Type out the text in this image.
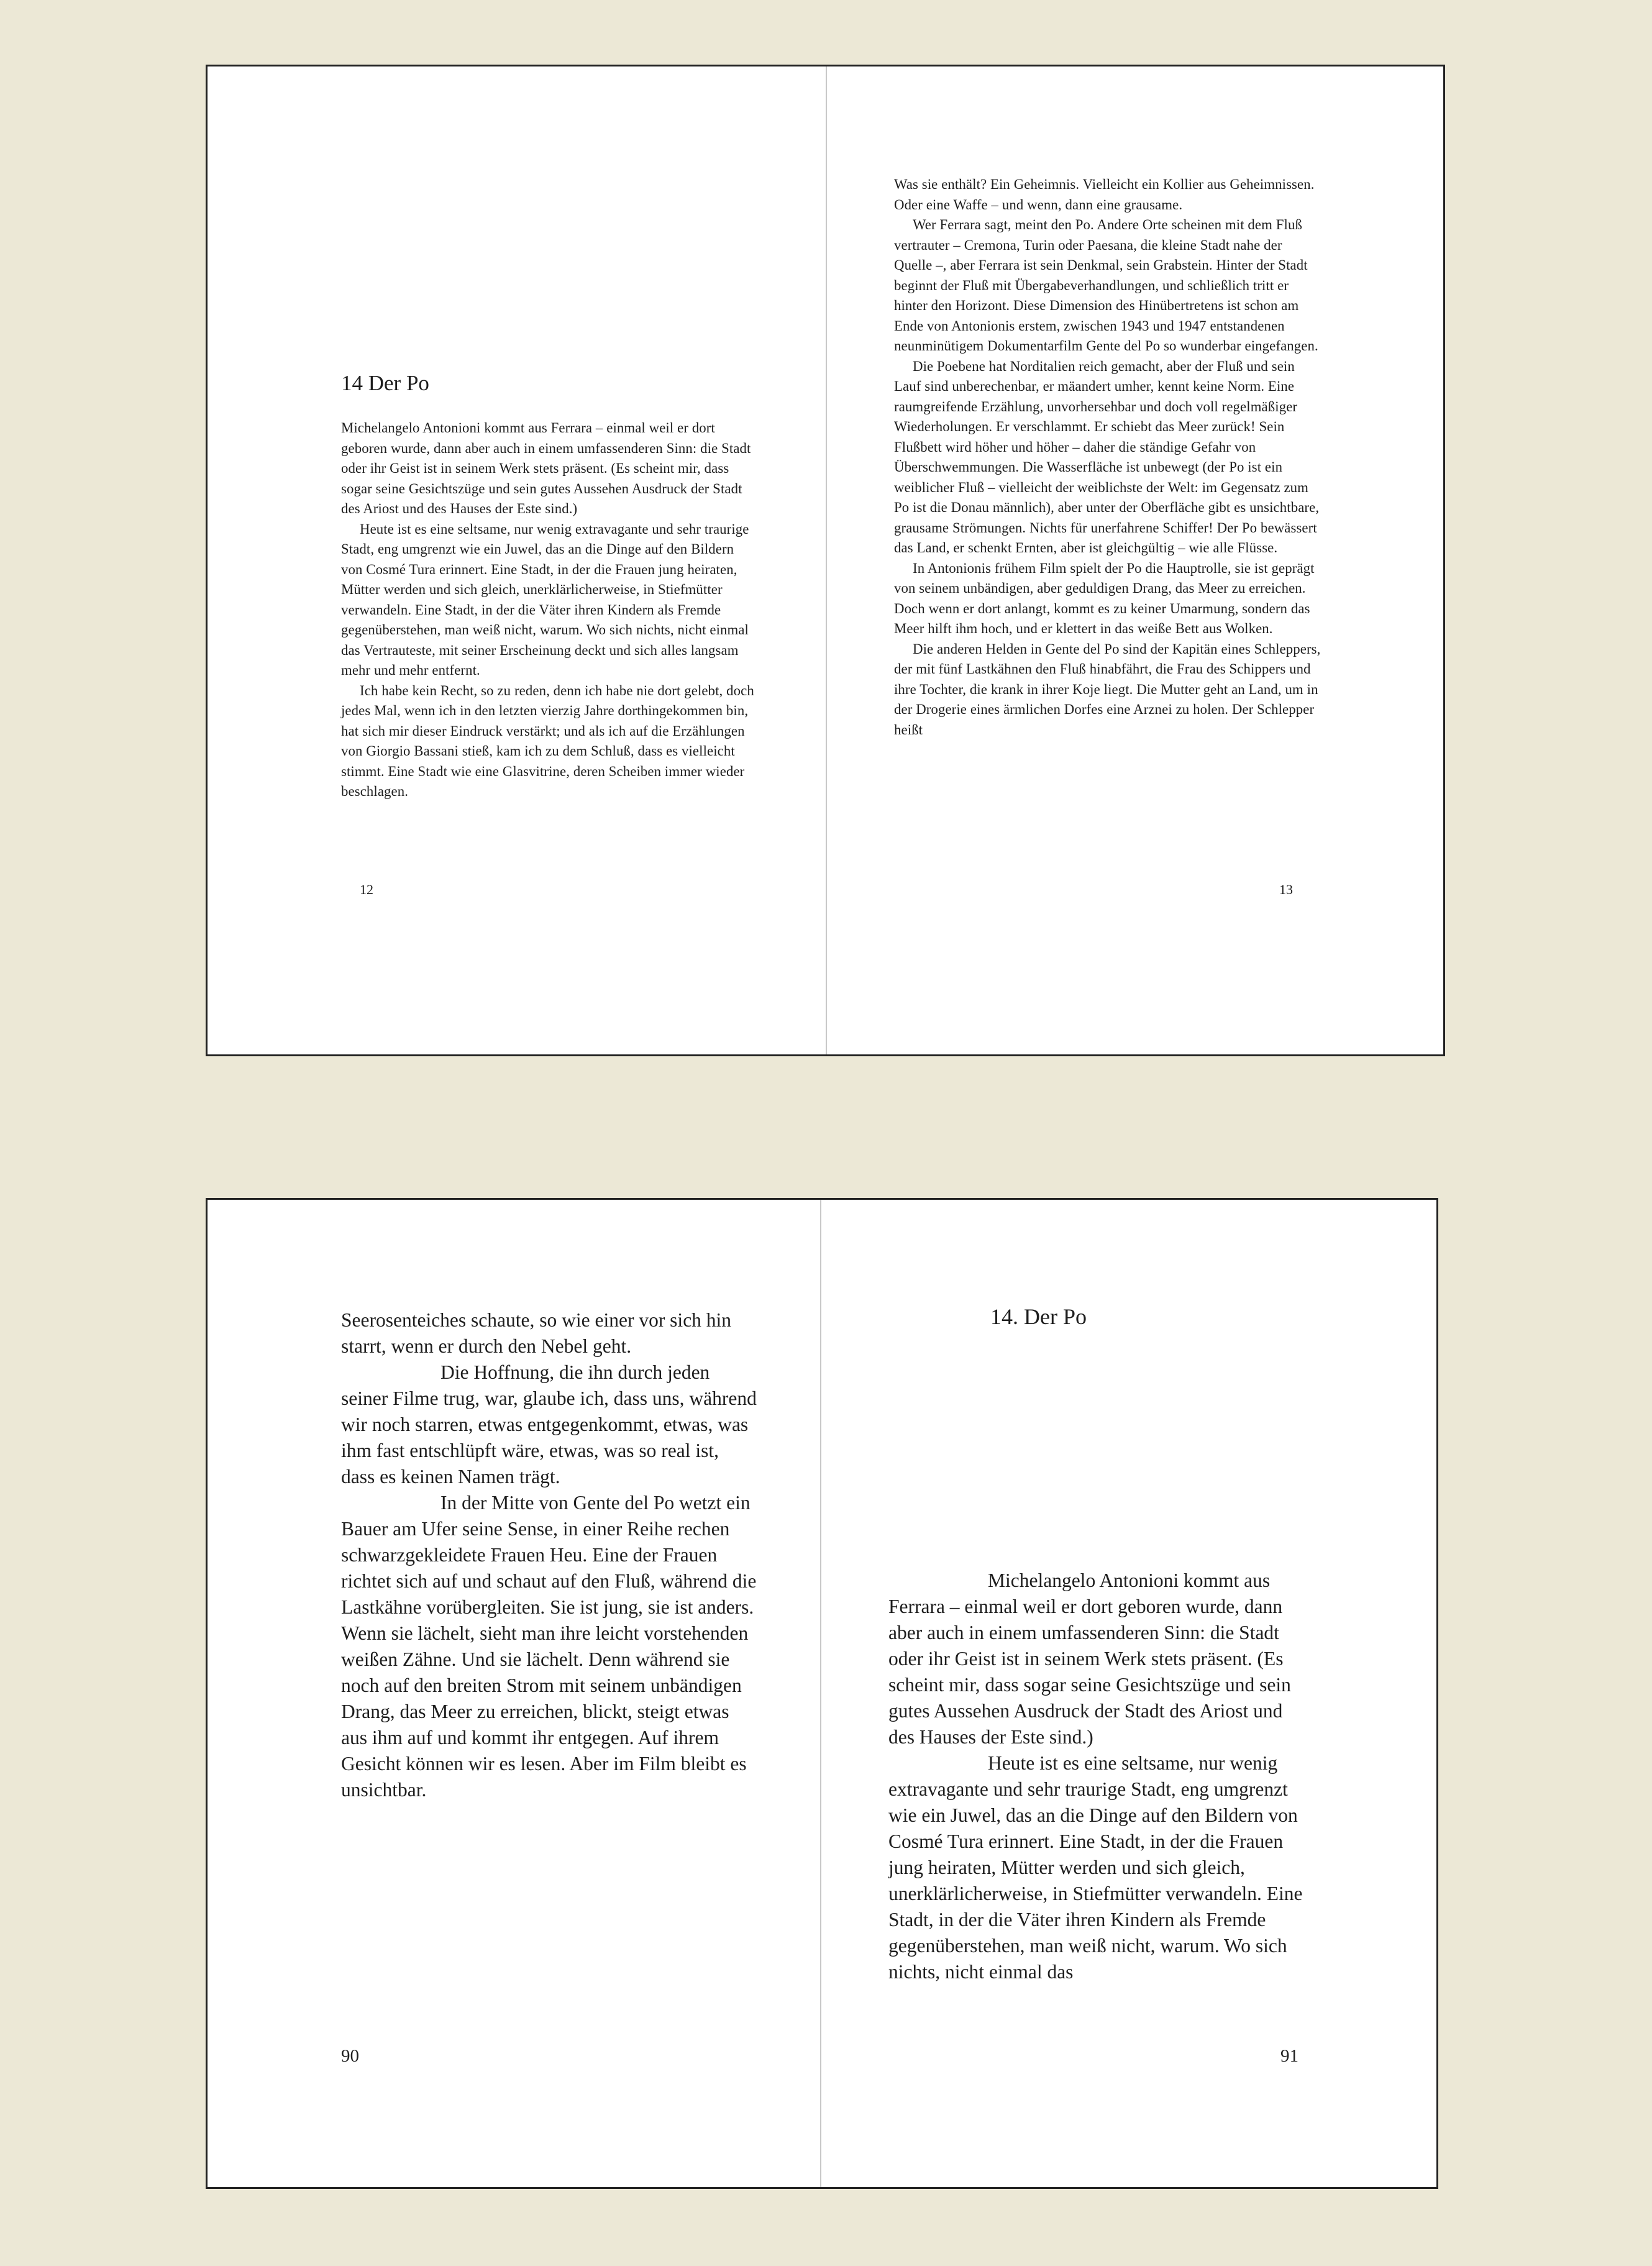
14 Der Po

Michelangelo Antonioni kommt aus Ferrara – einmal weil er dort geboren wurde, dann aber auch in einem umfassenderen Sinn: die Stadt oder ihr Geist ist in seinem Werk stets präsent. (Es scheint mir, dass sogar seine Gesichtszüge und sein gutes Aussehen Ausdruck der Stadt des Ariost und des Hauses der Este sind.)

Heute ist es eine seltsame, nur wenig extravagante und sehr traurige Stadt, eng umgrenzt wie ein Juwel, das an die Dinge auf den Bildern von Cosmé Tura erinnert. Eine Stadt, in der die Frauen jung heiraten, Mütter werden und sich gleich, unerklärlicherweise, in Stiefmütter verwandeln. Eine Stadt, in der die Väter ihren Kindern als Fremde gegenüberstehen, man weiß nicht, warum. Wo sich nichts, nicht einmal das Vertrauteste, mit seiner Erscheinung deckt und sich alles langsam mehr und mehr entfernt.

Ich habe kein Recht, so zu reden, denn ich habe nie dort gelebt, doch jedes Mal, wenn ich in den letzten vierzig Jahre dorthingekommen bin, hat sich mir dieser Eindruck verstärkt; und als ich auf die Erzählungen von Giorgio Bassani stieß, kam ich zu dem Schluß, dass es vielleicht stimmt. Eine Stadt wie eine Glasvitrine, deren Scheiben immer wieder beschlagen.

Was sie enthält? Ein Geheimnis. Vielleicht ein Kollier aus Geheimnissen. Oder eine Waffe – und wenn, dann eine grausame.

Wer Ferrara sagt, meint den Po. Andere Orte scheinen mit dem Fluß vertrauter – Cremona, Turin oder Paesana, die kleine Stadt nahe der Quelle –, aber Ferrara ist sein Denkmal, sein Grabstein. Hinter der Stadt beginnt der Fluß mit Übergabeverhandlungen, und schließlich tritt er hinter den Horizont. Diese Dimension des Hinübertretens ist schon am Ende von Antonionis erstem, zwischen 1943 und 1947 entstandenen neunminütigem Dokumentarfilm Gente del Po so wunderbar eingefangen.

Die Poebene hat Norditalien reich gemacht, aber der Fluß und sein Lauf sind unberechenbar, er mäandert umher, kennt keine Norm. Eine raumgreifende Erzählung, unvorhersehbar und doch voll regelmäßiger Wiederholungen. Er verschlammt. Er schiebt das Meer zurück! Sein Flußbett wird höher und höher – daher die ständige Gefahr von Überschwemmungen. Die Wasserfläche ist unbewegt (der Po ist ein weiblicher Fluß – vielleicht der weiblichste der Welt: im Gegensatz zum Po ist die Donau männlich), aber unter der Oberfläche gibt es unsichtbare, grausame Strömungen. Nichts für unerfahrene Schiffer! Der Po bewässert das Land, er schenkt Ernten, aber ist gleichgültig – wie alle Flüsse.

In Antonionis frühem Film spielt der Po die Hauptrolle, sie ist geprägt von seinem unbändigen, aber geduldigen Drang, das Meer zu erreichen. Doch wenn er dort anlangt, kommt es zu keiner Umarmung, sondern das Meer hilft ihm hoch, und er klettert in das weiße Bett aus Wolken.

Die anderen Helden in Gente del Po sind der Kapitän eines Schleppers, der mit fünf Lastkähnen den Fluß hinabfährt, die Frau des Schippers und ihre Tochter, die krank in ihrer Koje liegt. Die Mutter geht an Land, um in der Drogerie eines ärmlichen Dorfes eine Arznei zu holen. Der Schlepper heißt

12	13

Seerosenteiches schaute, so wie einer vor sich hin starrt, wenn er durch den Nebel geht.

Die Hoffnung, die ihn durch jeden seiner Filme trug, war, glaube ich, dass uns, während wir noch starren, etwas entgegenkommt, etwas, was ihm fast entschlüpft wäre, etwas, was so real ist, dass es keinen Namen trägt.

In der Mitte von Gente del Po wetzt ein Bauer am Ufer seine Sense, in einer Reihe rechen schwarzgekleidete Frauen Heu. Eine der Frauen richtet sich auf und schaut auf den Fluß, während die Lastkähne vorübergleiten. Sie ist jung, sie ist anders. Wenn sie lächelt, sieht man ihre leicht vorstehenden weißen Zähne. Und sie lächelt. Denn während sie noch auf den breiten Strom mit seinem unbändigen Drang, das Meer zu erreichen, blickt, steigt etwas aus ihm auf und kommt ihr entgegen. Auf ihrem Gesicht können wir es lesen. Aber im Film bleibt es unsichtbar.

14. Der Po

Michelangelo Antonioni kommt aus Ferrara – einmal weil er dort geboren wurde, dann aber auch in einem umfassenderen Sinn: die Stadt oder ihr Geist ist in seinem Werk stets präsent. (Es scheint mir, dass sogar seine Gesichtszüge und sein gutes Aussehen Ausdruck der Stadt des Ariost und des Hauses der Este sind.)

Heute ist es eine seltsame, nur wenig extravagante und sehr traurige Stadt, eng umgrenzt wie ein Juwel, das an die Dinge auf den Bildern von Cosmé Tura erinnert. Eine Stadt, in der die Frauen jung heiraten, Mütter werden und sich gleich, unerklärlicherweise, in Stiefmütter verwandeln. Eine Stadt, in der die Väter ihren Kindern als Fremde gegenüberstehen, man weiß nicht, warum. Wo sich nichts, nicht einmal das

90	91
